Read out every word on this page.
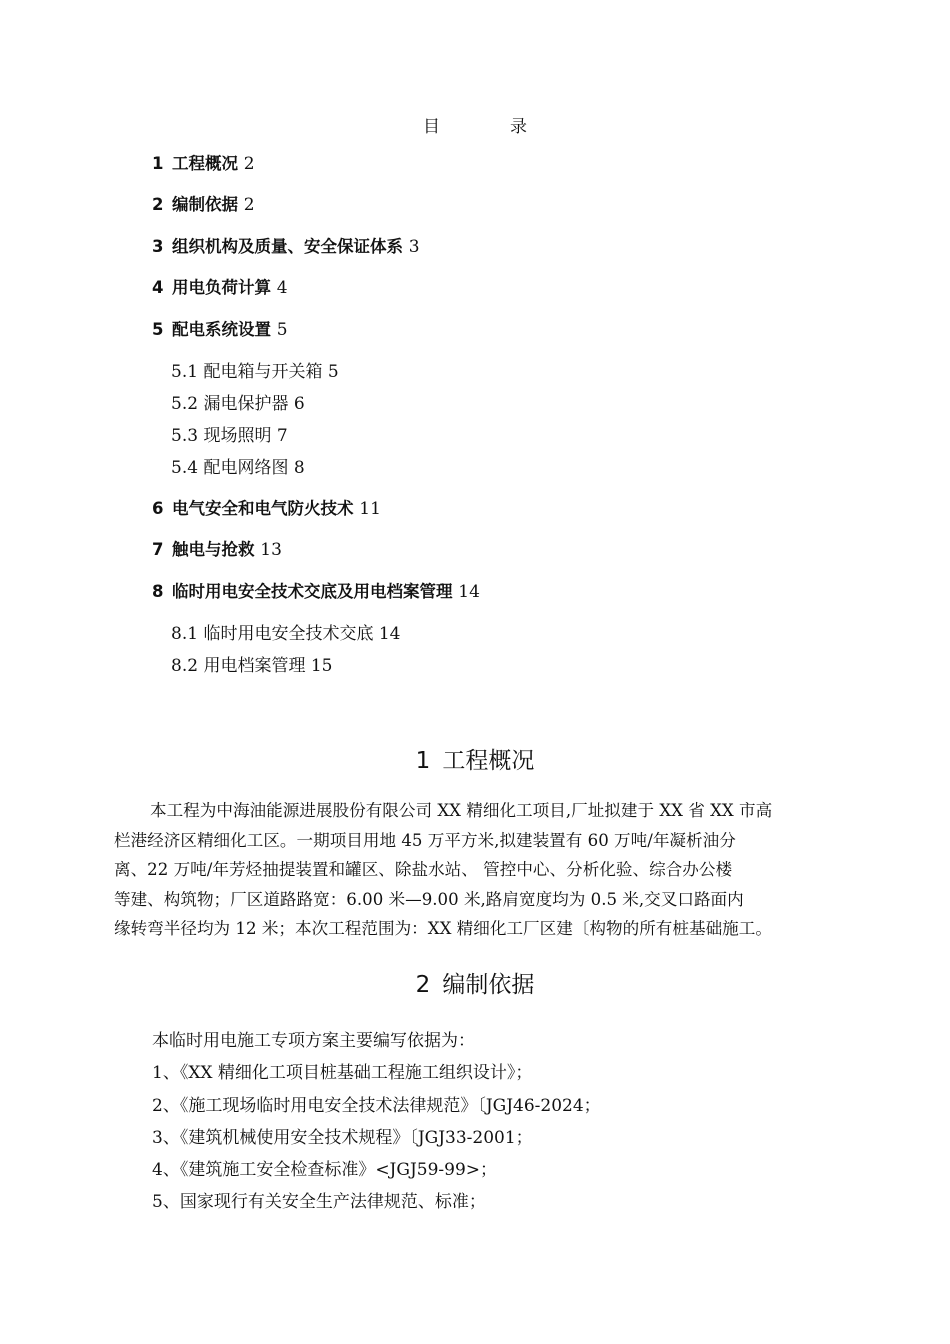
目	录
1 工程概况 2
2 编制依据 2
3 组织机构及质量、安全保证体系 3
4 用电负荷计算 4
5 配电系统设置 5
5.1 配电箱与开关箱 5
5.2 漏电保护器 6
5.3 现场照明 7
5.4 配电网络图 8
6 电气安全和电气防火技术 11
7 触电与抢救 13
8 临时用电安全技术交底及用电档案管理 14
8.1 临时用电安全技术交底 14
8.2 用电档案管理 15
1 工程概况
本工程为中海油能源进展股份有限公司 XX 精细化工项目,厂址拟建于 XX 省 XX 市高
栏港经济区精细化工区。一期项目用地 45 万平方米,拟建装置有 60 万吨/年凝析油分
离、22 万吨/年芳烃抽提装置和罐区、除盐水站、 管控中心、分析化验、综合办公楼
等建、构筑物；厂区道路路宽：6.00 米—9.00 米,路肩宽度均为 0.5 米,交叉口路面内
缘转弯半径均为 12 米；本次工程范围为：XX 精细化工厂区建〔构物的所有桩基础施工。
2 编制依据
本临时用电施工专项方案主要编写依据为：
1、《XX 精细化工项目桩基础工程施工组织设计》；
2、《施工现场临时用电安全技术法律规范》〔JGJ46-2024；
3、《建筑机械使用安全技术规程》〔JGJ33-2001；
4、《建筑施工安全检查标准》<JGJ59-99>；
5、国家现行有关安全生产法律规范、标准；
